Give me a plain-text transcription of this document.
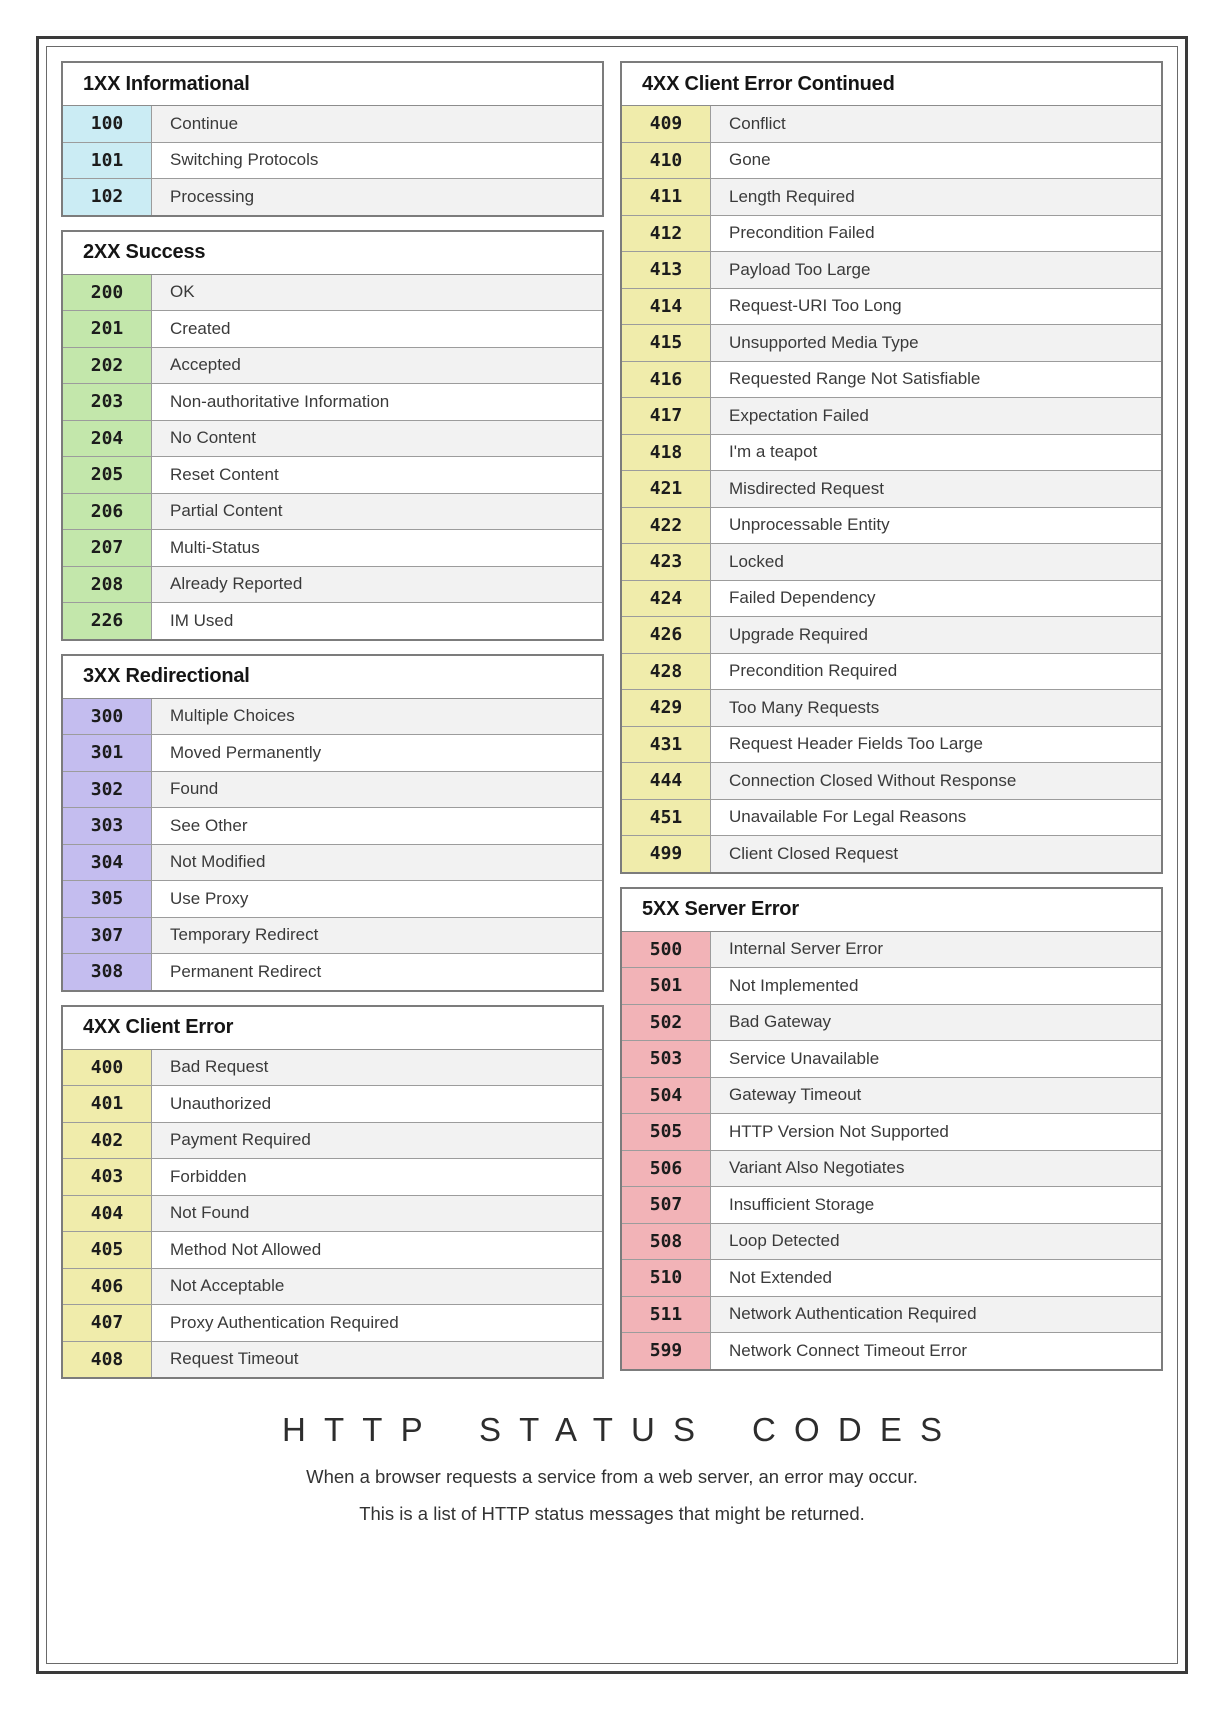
1XX Informational
100	Continue
101	Switching Protocols
102	Processing
2XX Success
200	OK
201	Created
202	Accepted
203	Non-authoritative Information
204	No Content
205	Reset Content
206	Partial Content
207	Multi-Status
208	Already Reported
226	IM Used
3XX Redirectional
300	Multiple Choices
301	Moved Permanently
302	Found
303	See Other
304	Not Modified
305	Use Proxy
307	Temporary Redirect
308	Permanent Redirect
4XX Client Error
400	Bad Request
401	Unauthorized
402	Payment Required
403	Forbidden
404	Not Found
405	Method Not Allowed
406	Not Acceptable
407	Proxy Authentication Required
408	Request Timeout
4XX Client Error Continued
409	Conflict
410	Gone
411	Length Required
412	Precondition Failed
413	Payload Too Large
414	Request-URI Too Long
415	Unsupported Media Type
416	Requested Range Not Satisfiable
417	Expectation Failed
418	I'm a teapot
421	Misdirected Request
422	Unprocessable Entity
423	Locked
424	Failed Dependency
426	Upgrade Required
428	Precondition Required
429	Too Many Requests
431	Request Header Fields Too Large
444	Connection Closed Without Response
451	Unavailable For Legal Reasons
499	Client Closed Request
5XX Server Error
500	Internal Server Error
501	Not Implemented
502	Bad Gateway
503	Service Unavailable
504	Gateway Timeout
505	HTTP Version Not Supported
506	Variant Also Negotiates
507	Insufficient Storage
508	Loop Detected
510	Not Extended
511	Network Authentication Required
599	Network Connect Timeout Error
HTTP STATUS CODES

When a browser requests a service from a web server, an error may occur.

This is a list of HTTP status messages that might be returned.
